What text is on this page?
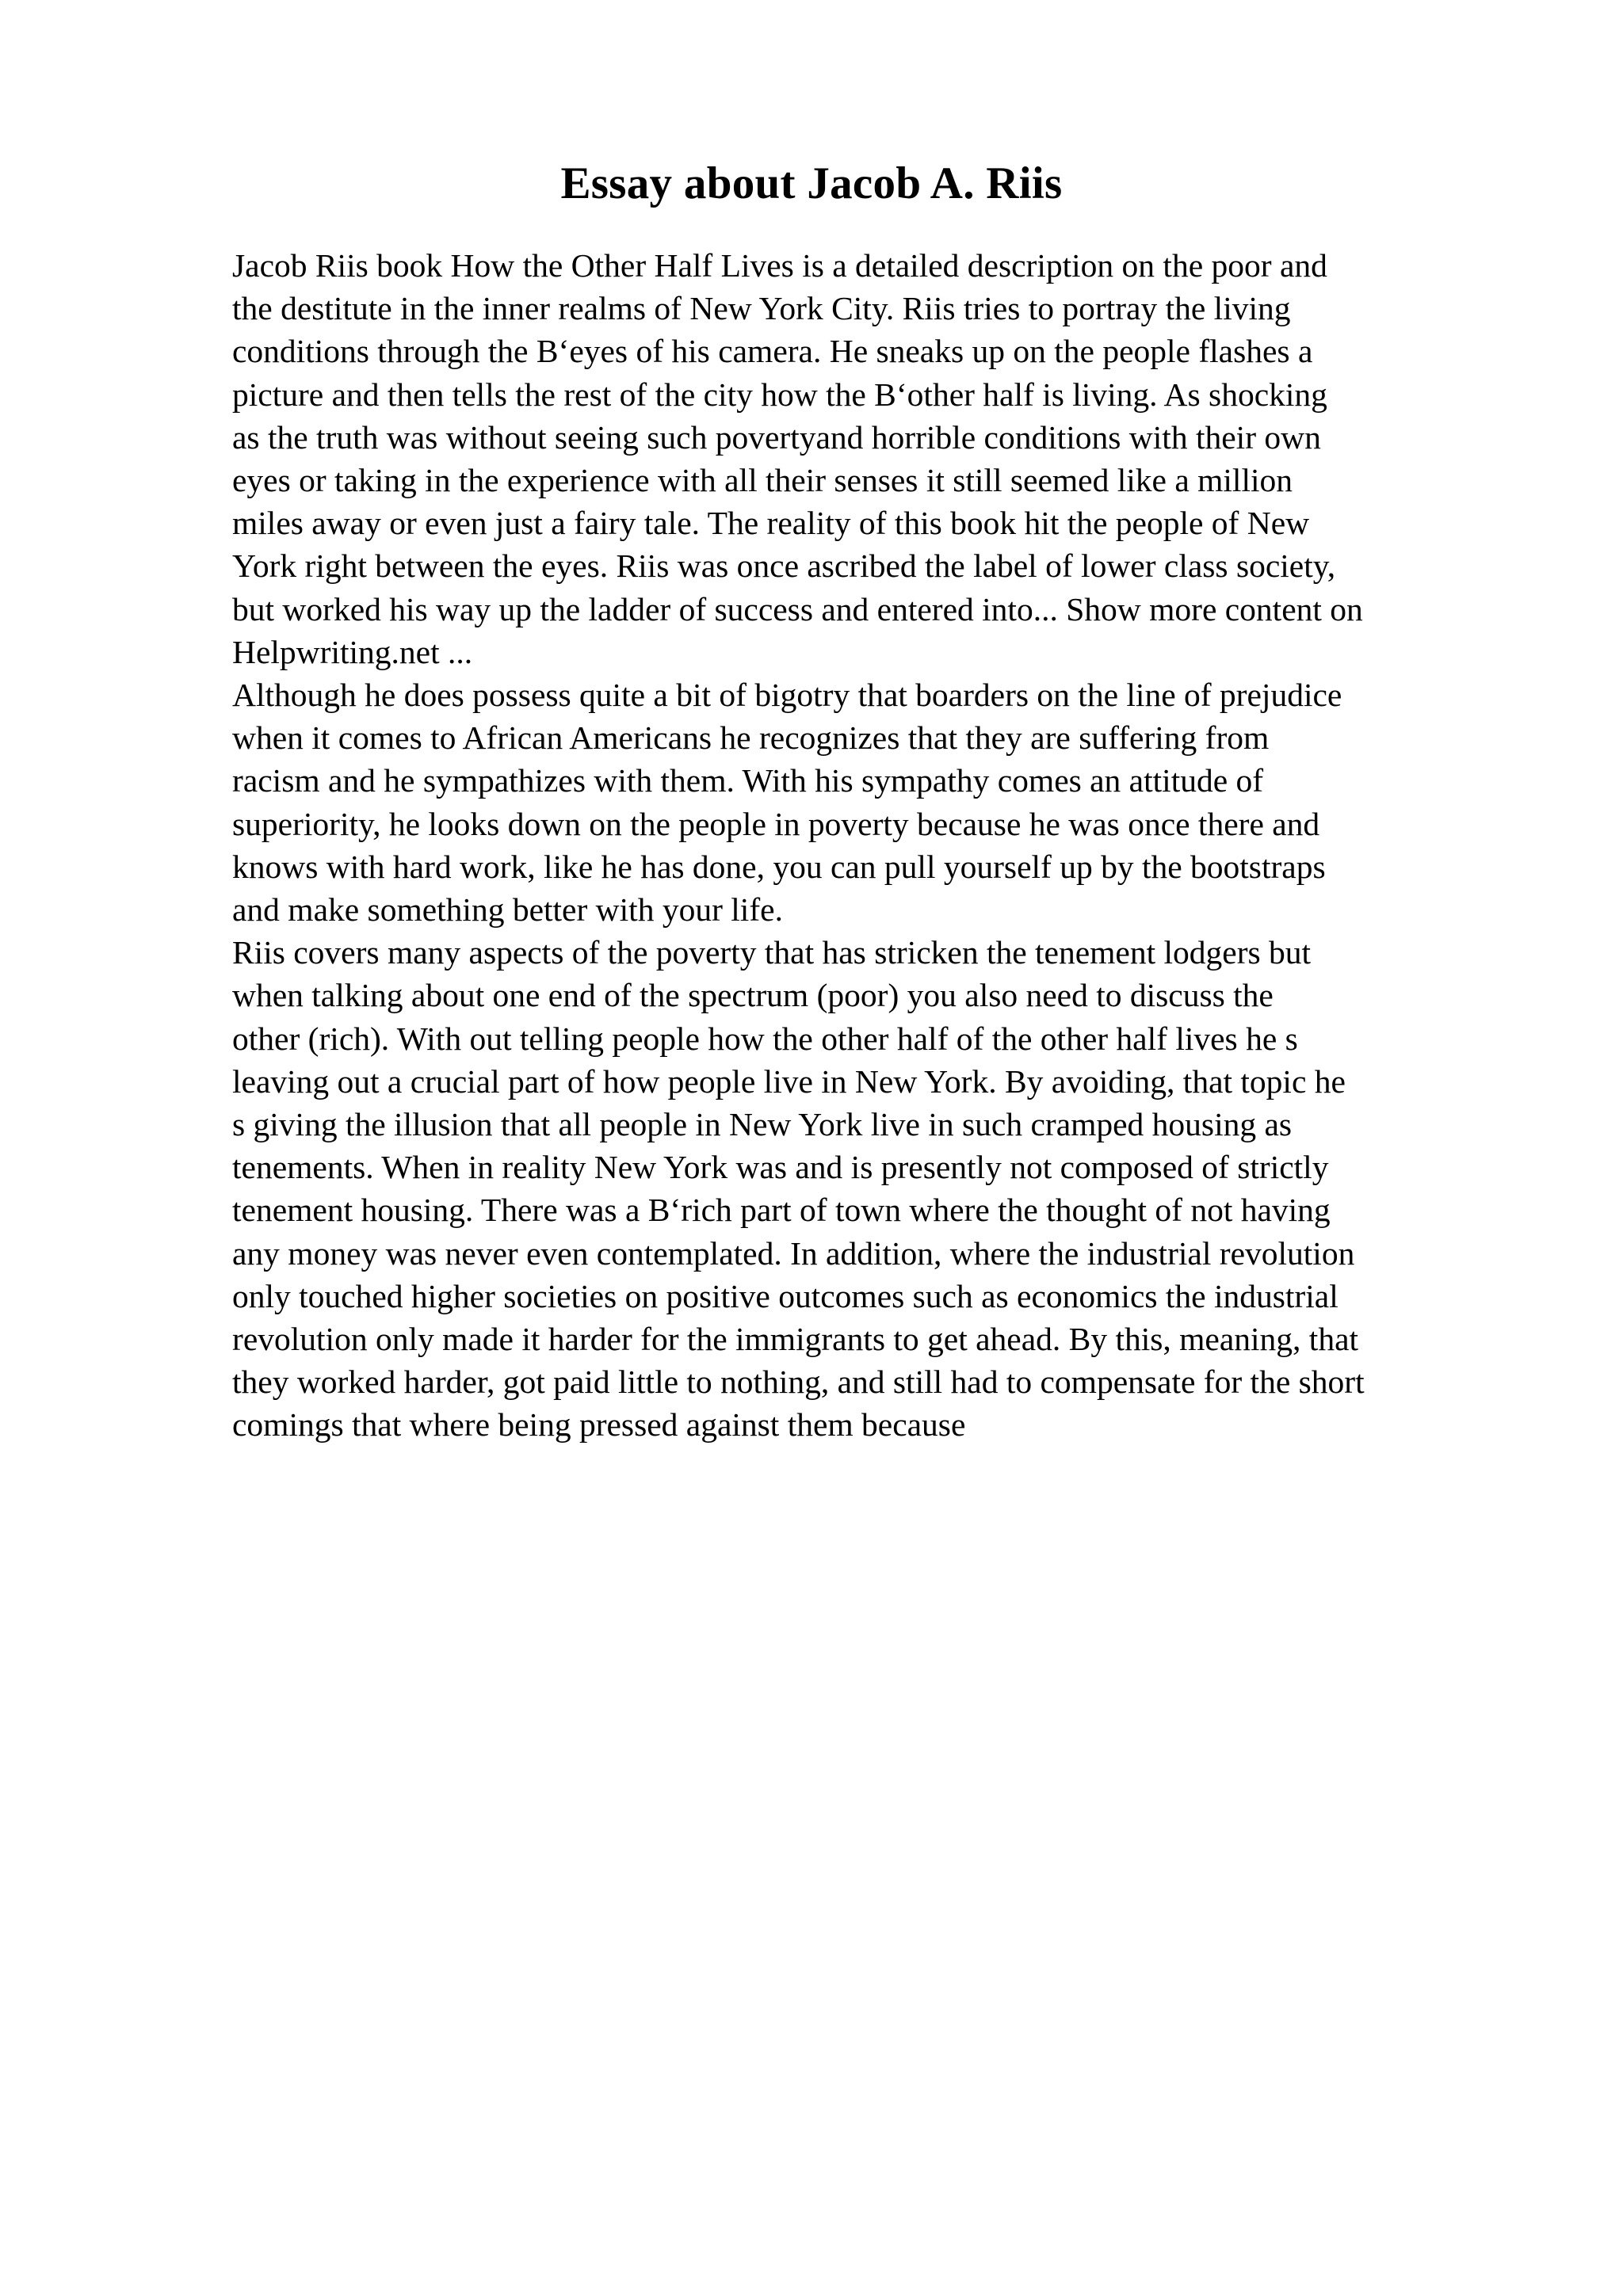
Essay about Jacob A. Riis
Jacob Riis book How the Other Half Lives is a detailed description on the poor and
the destitute in the inner realms of New York City. Riis tries to portray the living
conditions through the B‘eyes of his camera. He sneaks up on the people flashes a
picture and then tells the rest of the city how the B‘other half is living. As shocking
as the truth was without seeing such povertyand horrible conditions with their own
eyes or taking in the experience with all their senses it still seemed like a million
miles away or even just a fairy tale. The reality of this book hit the people of New
York right between the eyes. Riis was once ascribed the label of lower class society,
but worked his way up the ladder of success and entered into... Show more content on
Helpwriting.net ...
Although he does possess quite a bit of bigotry that boarders on the line of prejudice
when it comes to African Americans he recognizes that they are suffering from
racism and he sympathizes with them. With his sympathy comes an attitude of
superiority, he looks down on the people in poverty because he was once there and
knows with hard work, like he has done, you can pull yourself up by the bootstraps
and make something better with your life.
Riis covers many aspects of the poverty that has stricken the tenement lodgers but
when talking about one end of the spectrum (poor) you also need to discuss the
other (rich). With out telling people how the other half of the other half lives he s
leaving out a crucial part of how people live in New York. By avoiding, that topic he
s giving the illusion that all people in New York live in such cramped housing as
tenements. When in reality New York was and is presently not composed of strictly
tenement housing. There was a B‘rich part of town where the thought of not having
any money was never even contemplated. In addition, where the industrial revolution
only touched higher societies on positive outcomes such as economics the industrial
revolution only made it harder for the immigrants to get ahead. By this, meaning, that
they worked harder, got paid little to nothing, and still had to compensate for the short
comings that where being pressed against them because
